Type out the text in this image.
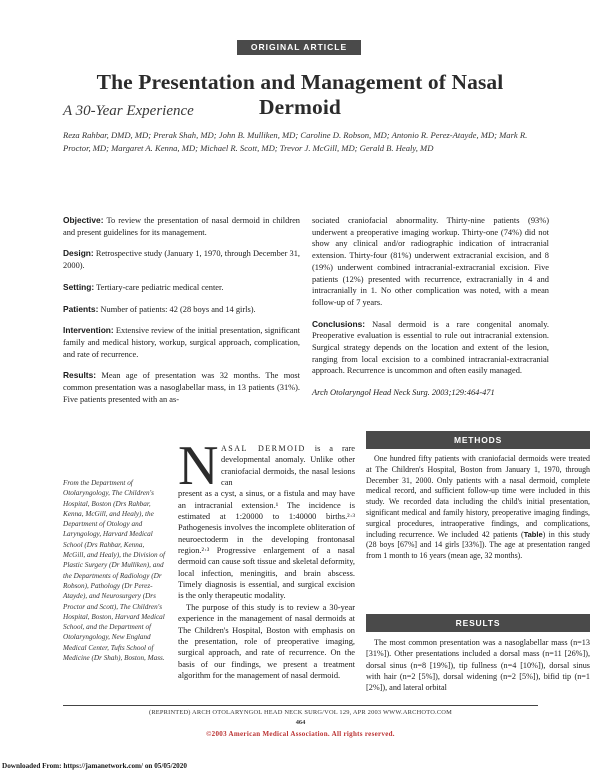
ORIGINAL ARTICLE
The Presentation and Management of Nasal Dermoid
A 30-Year Experience
Reza Rahbar, DMD, MD; Prerak Shah, MD; John B. Mulliken, MD; Caroline D. Robson, MD; Antonio R. Perez-Atayde, MD; Mark R. Proctor, MD; Margaret A. Kenna, MD; Michael R. Scott, MD; Trevor J. McGill, MD; Gerald B. Healy, MD

Objective: To review the presentation of nasal dermoid in children and present guidelines for its management.

Design: Retrospective study (January 1, 1970, through December 31, 2000).

Setting: Tertiary-care pediatric medical center.

Patients: Number of patients: 42 (28 boys and 14 girls).

Intervention: Extensive review of the initial presentation, significant family and medical history, workup, surgical approach, complication, and rate of recurrence.

Results: Mean age of presentation was 32 months. The most common presentation was a nasoglabellar mass, in 13 patients (31%). Five patients presented with an as-

sociated craniofacial abnormality. Thirty-nine patients (93%) underwent a preoperative imaging workup. Thirty-one (74%) did not show any clinical and/or radiographic indication of intracranial extension. Thirty-four (81%) underwent extracranial excision, and 8 (19%) underwent combined intracranial-extracranial excision. Five patients (12%) presented with recurrence, extracranially in 4 and intracranially in 1. No other complication was noted, with a mean follow-up of 7 years.

Conclusions: Nasal dermoid is a rare congenital anomaly. Preoperative evaluation is essential to rule out intracranial extension. Surgical strategy depends on the location and extent of the lesion, ranging from local excision to a combined intracranial-extracranial approach. Recurrence is uncommon and often easily managed.

Arch Otolaryngol Head Neck Surg. 2003;129:464-471

From the Department of Otolaryngology, The Children's Hospital, Boston (Drs Rahbar, Kenna, McGill, and Healy), the Department of Otology and Laryngology, Harvard Medical School (Drs Rahbar, Kenna, McGill, and Healy), the Division of Plastic Surgery (Dr Mulliken), and the Departments of Radiology (Dr Robson), Pathology (Dr Perez-Atayde), and Neurosurgery (Drs Proctor and Scott), The Children's Hospital, Boston, Harvard Medical School, and the Department of Otolaryngology, New England Medical Center, Tufts School of Medicine (Dr Shah), Boston, Mass.
N ASAL DERMOID is a rare developmental anomaly. Unlike other craniofacial dermoids, the nasal lesions can
present as a cyst, a sinus, or a fistula and may have an intracranial extension.¹ The incidence is estimated at 1:20000 to 1:40000 births.²·³ Pathogenesis involves the incomplete obliteration of neuroectoderm in the developing frontonasal region.²·³ Progressive enlargement of a nasal dermoid can cause soft tissue and skeletal deformity, local infection, meningitis, and brain abscess. Timely diagnosis is essential, and surgical excision is the only therapeutic modality.

The purpose of this study is to review a 30-year experience in the management of nasal dermoids at The Children's Hospital, Boston with emphasis on the presentation, role of preoperative imaging, surgical approach, and rate of recurrence. On the basis of our findings, we present a treatment algorithm for the management of nasal dermoid.

METHODS

One hundred fifty patients with craniofacial dermoids were treated at The Children's Hospital, Boston from January 1, 1970, through December 31, 2000. Only patients with a nasal dermoid, complete medical record, and sufficient follow-up time were included in this study. We recorded data including the child's initial presentation, significant medical and family history, preoperative imaging findings, surgical procedures, intraoperative findings, and complications, including recurrence. We included 42 patients (Table) in this study (28 boys [67%] and 14 girls [33%]). The age at presentation ranged from 1 month to 16 years (mean age, 32 months).

RESULTS

The most common presentation was a nasoglabellar mass (n=13 [31%]). Other presentations included a dorsal mass (n=11 [26%]), dorsal sinus (n=8 [19%]), tip fullness (n=4 [10%]), dorsal sinus with hair (n=2 [5%]), dorsal widening (n=2 [5%]), bifid tip (n=1 [2%]), and lateral orbital

(REPRINTED) ARCH OTOLARYNGOL HEAD NECK SURG/VOL 129, APR 2003 WWW.ARCHOTO.COM
464
©2003 American Medical Association. All rights reserved.
Downloaded From: https://jamanetwork.com/ on 05/05/2020
